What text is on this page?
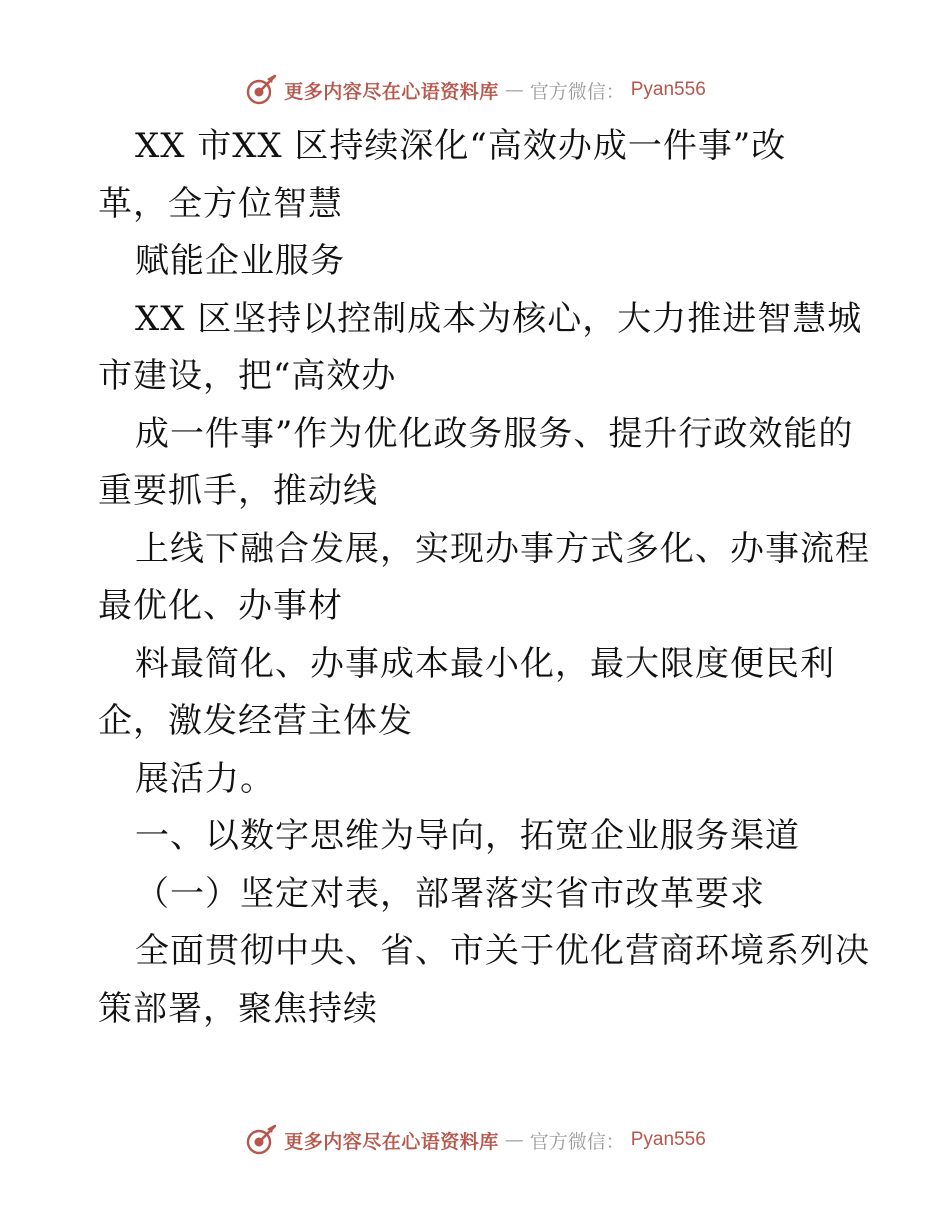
更多内容尽在心语资料库 — 官方微信： Pyan556
XX 市XX 区持续深化“高效办成一件事”改
革，全方位智慧
赋能企业服务
XX 区坚持以控制成本为核心，大力推进智慧城
市建设，把“高效办
成一件事”作为优化政务服务、提升行政效能的
重要抓手，推动线
上线下融合发展，实现办事方式多化、办事流程
最优化、办事材
料最简化、办事成本最小化，最大限度便民利
企，激发经营主体发
展活力。
一、以数字思维为导向，拓宽企业服务渠道
（一）坚定对表，部署落实省市改革要求
全面贯彻中央、省、市关于优化营商环境系列决
策部署，聚焦持续
更多内容尽在心语资料库 — 官方微信： Pyan556
